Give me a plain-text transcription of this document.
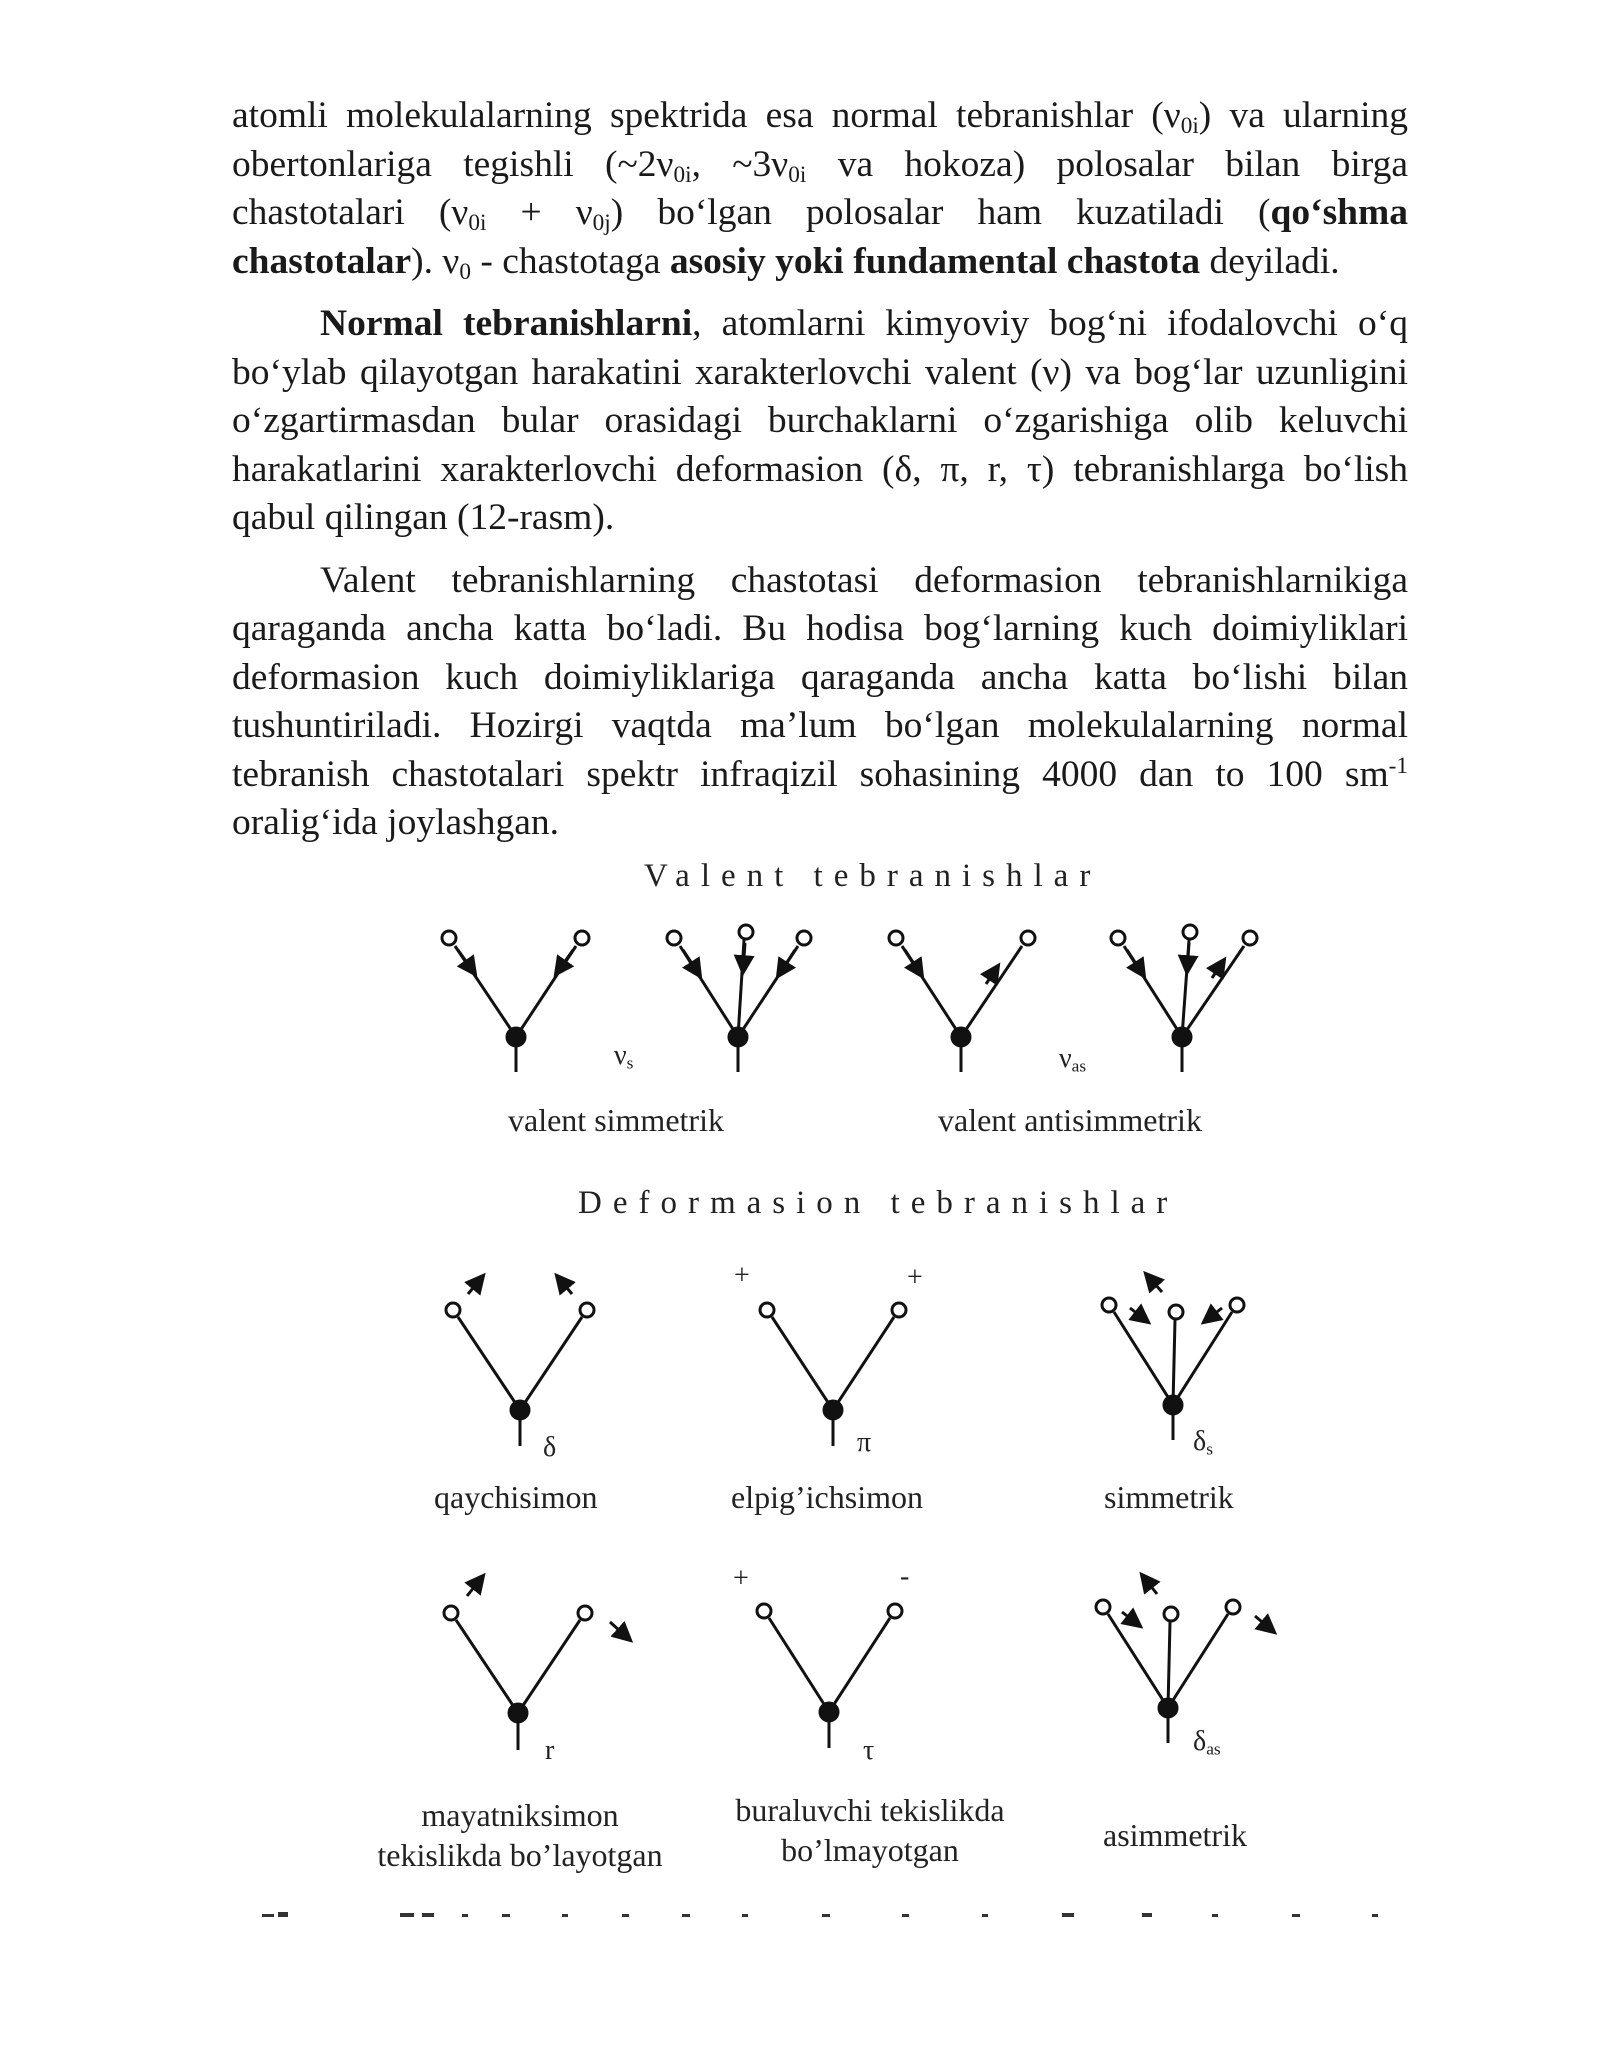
atomli molekulalarning spektrida esa normal tebranishlar $(\nu_{0i})$ va ularning obertonlariga tegishli ($\sim 2\nu_{0i}$, $\sim 3\nu_{0i}$ va hokoza) polosalar bilan birga chastotalari $(\nu_{0i} + \nu_{0j})$ bo‘lgan polosalar ham kuzatiladi (qo‘shma chastotalar). $\nu_0$ - chastotaga asosiy yoki fundamental chastota deyiladi.

Normal tebranishlarni, atomlarni kimyoviy bog‘ni ifodalovchi o‘q bo‘ylab qilayotgan harakatini xarakterlovchi valent (ν) va bog‘lar uzunligini o‘zgartirmasdan bular orasidagi burchaklarni o‘zgarishiga olib keluvchi harakatlarini xarakterlovchi deformasion (δ, π, r, τ) tebranishlarga bo‘lish qabul qilingan (12-rasm).

Valent tebranishlarning chastotasi deformasion tebranishlarnikiga qaraganda ancha katta bo‘ladi. Bu hodisa bog‘larning kuch doimiyliklari deformasion kuch doimiyliklariga qaraganda ancha katta bo‘lishi bilan tushuntiriladi. Hozirgi vaqtda ma’lum bo‘lgan molekulalarning normal tebranish chastotalari spektr infraqizil sohasining 4000 dan to 100 $sm^{-1}$ oralig‘ida joylashgan.

Valent tebranishlar
Deformasion tebranishlar
$\nu_s$	$\nu_{as}$
valent simmetrik	valent antisimmetrik
δ	π	$\delta_s$
+	+
qaychisimon	elpig’ichsimon	simmetrik
r	τ	$\delta_{as}$
+	-
mayatniksimon
tekislikda bo’layotgan
buraluvchi tekislikda
bo’lmayotgan	asimmetrik
